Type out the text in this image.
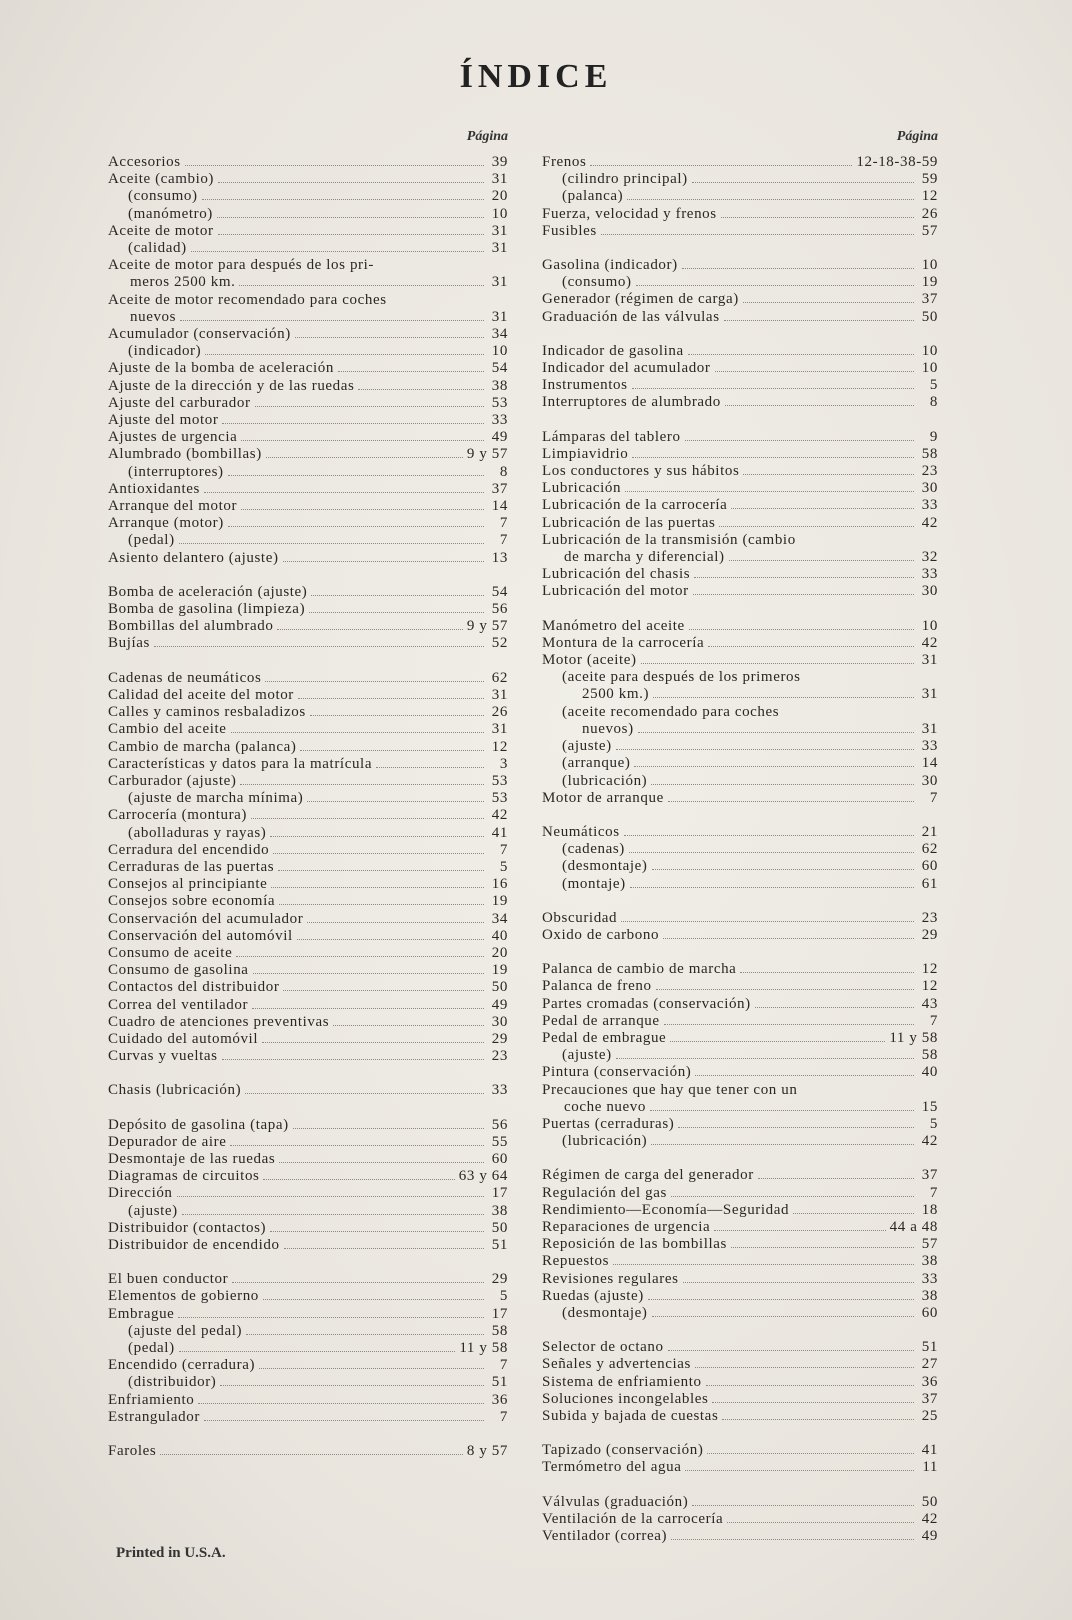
ÍNDICE
Página
Accesorios	39
Aceite (cambio)	31
(consumo)	20
(manómetro)	10
Aceite de motor	31
(calidad)	31
Aceite de motor para después de los pri-
meros 2500 km.	31
Aceite de motor recomendado para coches
nuevos	31
Acumulador (conservación)	34
(indicador)	10
Ajuste de la bomba de aceleración	54
Ajuste de la dirección y de las ruedas	38
Ajuste del carburador	53
Ajuste del motor	33
Ajustes de urgencia	49
Alumbrado (bombillas)	9 y 57
(interruptores)	8
Antioxidantes	37
Arranque del motor	14
Arranque (motor)	7
(pedal)	7
Asiento delantero (ajuste)	13
Bomba de aceleración (ajuste)	54
Bomba de gasolina (limpieza)	56
Bombillas del alumbrado	9 y 57
Bujías	52
Cadenas de neumáticos	62
Calidad del aceite del motor	31
Calles y caminos resbaladizos	26
Cambio del aceite	31
Cambio de marcha (palanca)	12
Características y datos para la matrícula	3
Carburador (ajuste)	53
(ajuste de marcha mínima)	53
Carrocería (montura)	42
(abolladuras y rayas)	41
Cerradura del encendido	7
Cerraduras de las puertas	5
Consejos al principiante	16
Consejos sobre economía	19
Conservación del acumulador	34
Conservación del automóvil	40
Consumo de aceite	20
Consumo de gasolina	19
Contactos del distribuidor	50
Correa del ventilador	49
Cuadro de atenciones preventivas	30
Cuidado del automóvil	29
Curvas y vueltas	23
Chasis (lubricación)	33
Depósito de gasolina (tapa)	56
Depurador de aire	55
Desmontaje de las ruedas	60
Diagramas de circuitos	63 y 64
Dirección	17
(ajuste)	38
Distribuidor (contactos)	50
Distribuidor de encendido	51
El buen conductor	29
Elementos de gobierno	5
Embrague	17
(ajuste del pedal)	58
(pedal)	11 y 58
Encendido (cerradura)	7
(distribuidor)	51
Enfriamiento	36
Estrangulador	7
Faroles	8 y 57
Página
Frenos	12-18-38-59
(cilindro principal)	59
(palanca)	12
Fuerza, velocidad y frenos	26
Fusibles	57
Gasolina (indicador)	10
(consumo)	19
Generador (régimen de carga)	37
Graduación de las válvulas	50
Indicador de gasolina	10
Indicador del acumulador	10
Instrumentos	5
Interruptores de alumbrado	8
Lámparas del tablero	9
Limpiavidrio	58
Los conductores y sus hábitos	23
Lubricación	30
Lubricación de la carrocería	33
Lubricación de las puertas	42
Lubricación de la transmisión (cambio
de marcha y diferencial)	32
Lubricación del chasis	33
Lubricación del motor	30
Manómetro del aceite	10
Montura de la carrocería	42
Motor (aceite)	31
(aceite para después de los primeros
2500 km.)	31
(aceite recomendado para coches
nuevos)	31
(ajuste)	33
(arranque)	14
(lubricación)	30
Motor de arranque	7
Neumáticos	21
(cadenas)	62
(desmontaje)	60
(montaje)	61
Obscuridad	23
Oxido de carbono	29
Palanca de cambio de marcha	12
Palanca de freno	12
Partes cromadas (conservación)	43
Pedal de arranque	7
Pedal de embrague	11 y 58
(ajuste)	58
Pintura (conservación)	40
Precauciones que hay que tener con un
coche nuevo	15
Puertas (cerraduras)	5
(lubricación)	42
Régimen de carga del generador	37
Regulación del gas	7
Rendimiento—Economía—Seguridad	18
Reparaciones de urgencia	44 a 48
Reposición de las bombillas	57
Repuestos	38
Revisiones regulares	33
Ruedas (ajuste)	38
(desmontaje)	60
Selector de octano	51
Señales y advertencias	27
Sistema de enfriamiento	36
Soluciones incongelables	37
Subida y bajada de cuestas	25
Tapizado (conservación)	41
Termómetro del agua	11
Válvulas (graduación)	50
Ventilación de la carrocería	42
Ventilador (correa)	49
Printed in U.S.A.
